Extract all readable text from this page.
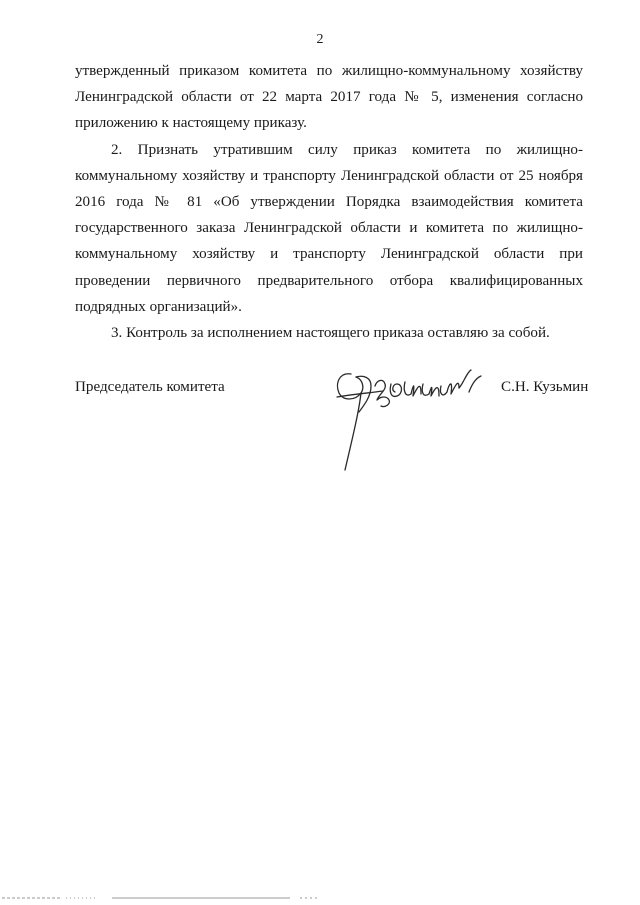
2

утвержденный приказом комитета по жилищно-коммунальному хозяйству Ленинградской области от 22 марта 2017 года № 5, изменения согласно приложению к настоящему приказу.

2. Признать утратившим силу приказ комитета по жилищно-коммунальному хозяйству и транспорту Ленинградской области от 25 ноября 2016 года № 81 «Об утверждении Порядка взаимодействия комитета государственного заказа Ленинградской области и комитета по жилищно-коммунальному хозяйству и транспорту Ленинградской области при проведении первичного предварительного отбора квалифицированных подрядных организаций».

3. Контроль за исполнением настоящего приказа оставляю за собой.

Председатель комитета	С.Н. Кузьмин
